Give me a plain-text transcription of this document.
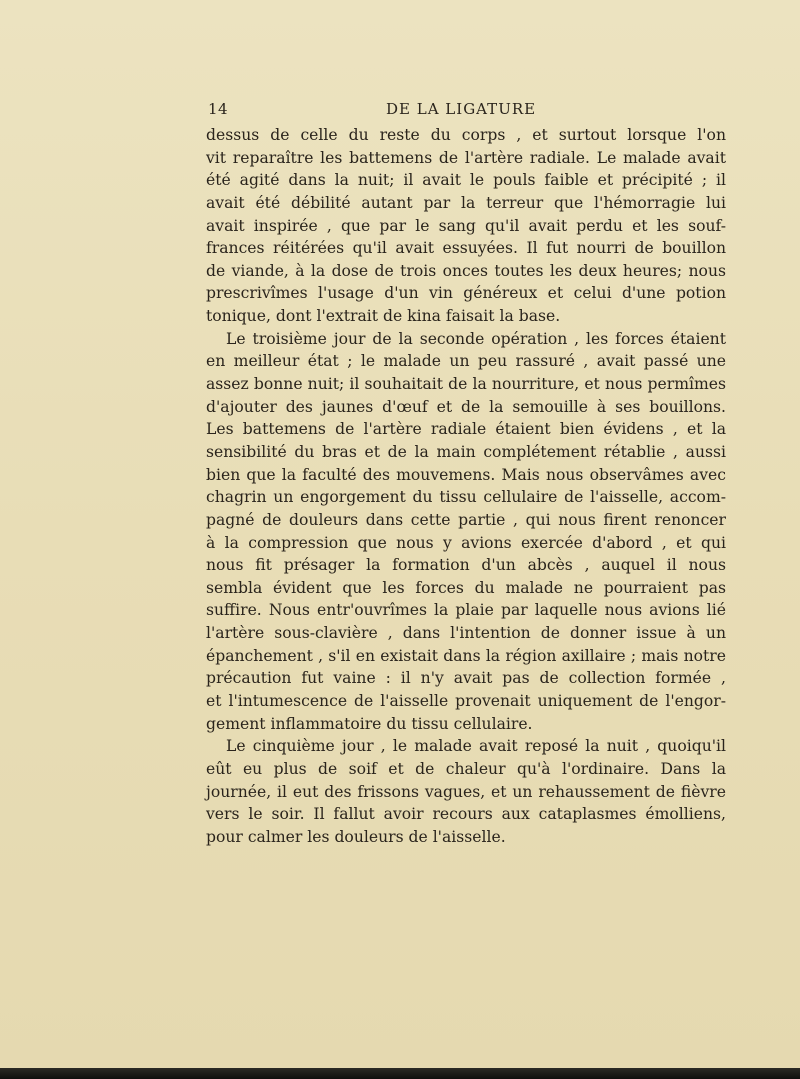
14	DE LA LIGATURE
dessus de celle du reste du corps , et surtout lorsque l'on
vit reparaître les battemens de l'artère radiale. Le malade avait
été agité dans la nuit; il avait le pouls faible et précipité ; il
avait été débilité autant par la terreur que l'hémorragie lui
avait inspirée , que par le sang qu'il avait perdu et les souf-
frances réitérées qu'il avait essuyées. Il fut nourri de bouillon
de viande, à la dose de trois onces toutes les deux heures; nous
prescrivîmes l'usage d'un vin généreux et celui d'une potion
tonique, dont l'extrait de kina faisait la base.
Le troisième jour de la seconde opération , les forces étaient
en meilleur état ; le malade un peu rassuré , avait passé une
assez bonne nuit; il souhaitait de la nourriture, et nous permîmes
d'ajouter des jaunes d'œuf et de la semouille à ses bouillons.
Les battemens de l'artère radiale étaient bien évidens , et la
sensibilité du bras et de la main complétement rétablie , aussi
bien que la faculté des mouvemens. Mais nous observâmes avec
chagrin un engorgement du tissu cellulaire de l'aisselle, accom-
pagné de douleurs dans cette partie , qui nous firent renoncer
à la compression que nous y avions exercée d'abord , et qui
nous fit présager la formation d'un abcès , auquel il nous
sembla évident que les forces du malade ne pourraient pas
suffire. Nous entr'ouvrîmes la plaie par laquelle nous avions lié
l'artère sous-clavière , dans l'intention de donner issue à un
épanchement , s'il en existait dans la région axillaire ; mais notre
précaution fut vaine : il n'y avait pas de collection formée ,
et l'intumescence de l'aisselle provenait uniquement de l'engor-
gement inflammatoire du tissu cellulaire.
Le cinquième jour , le malade avait reposé la nuit , quoiqu'il
eût eu plus de soif et de chaleur qu'à l'ordinaire. Dans la
journée, il eut des frissons vagues, et un rehaussement de fièvre
vers le soir. Il fallut avoir recours aux cataplasmes émolliens,
pour calmer les douleurs de l'aisselle.
